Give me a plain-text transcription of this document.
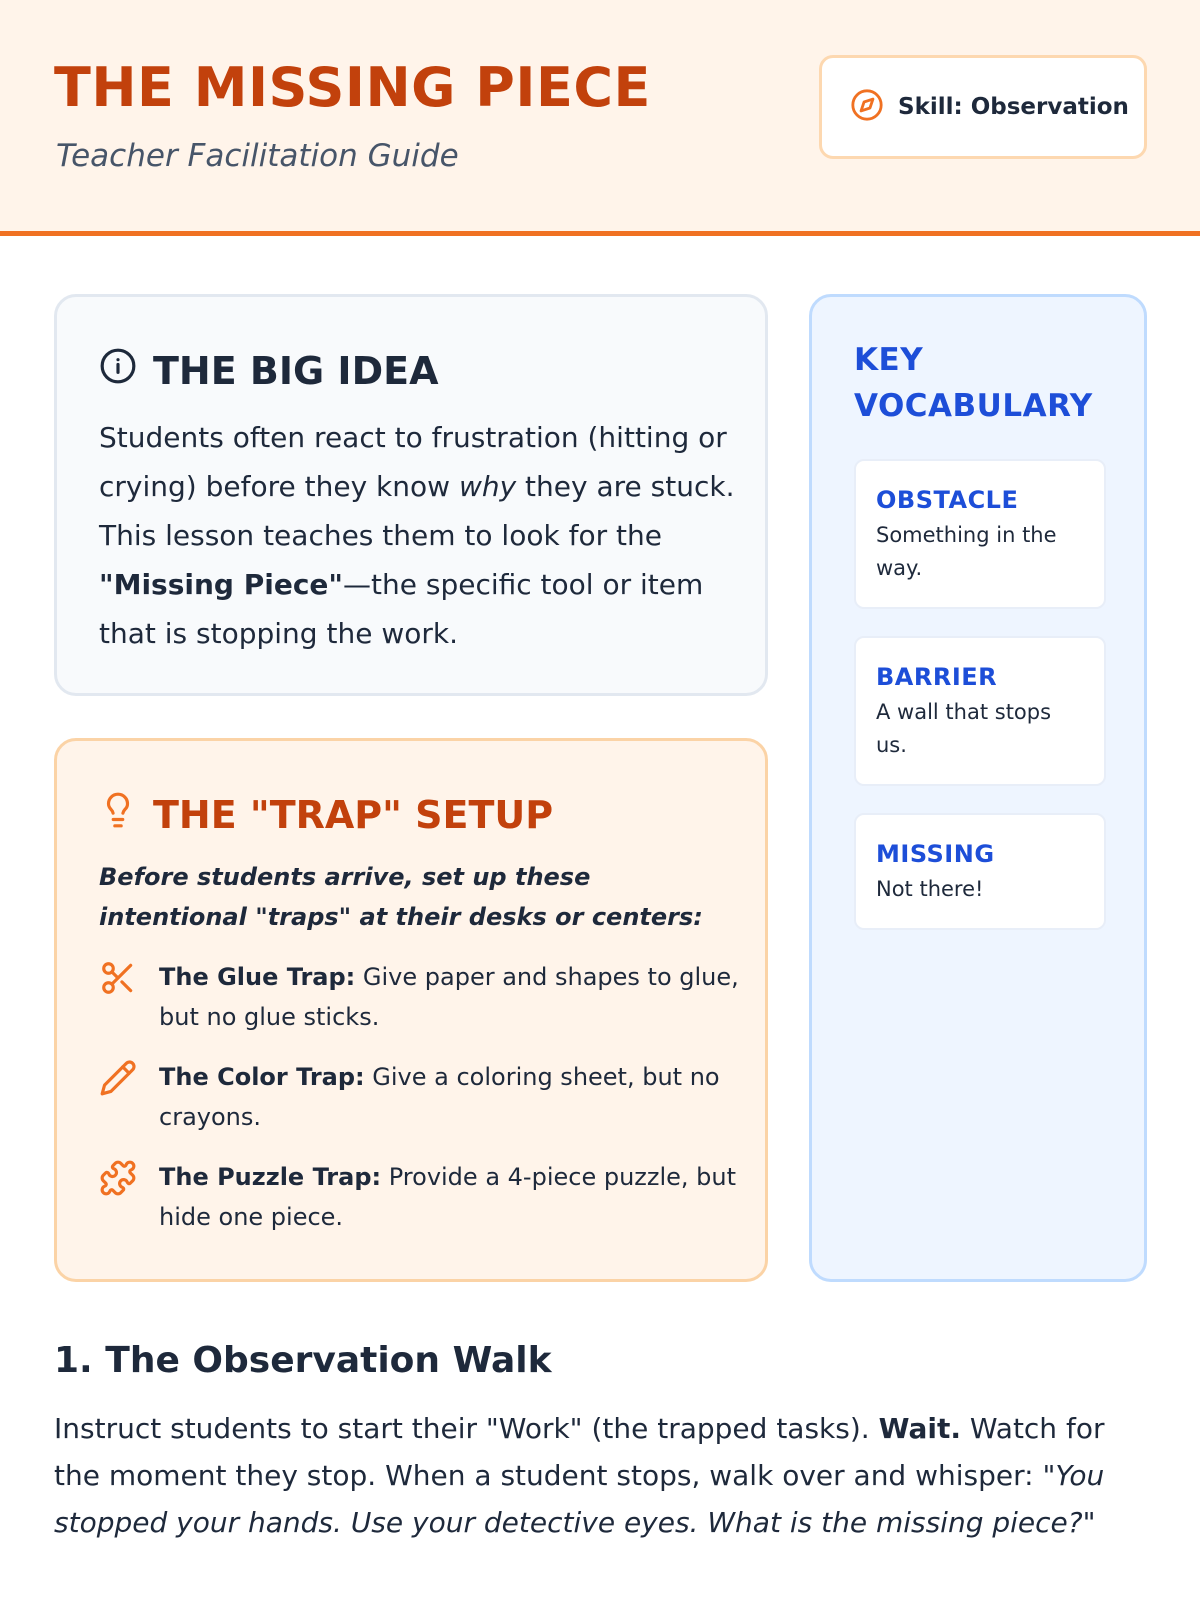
THE MISSING PIECE
Teacher Facilitation Guide
Skill: Observation
THE BIG IDEA

Students often react to frustration (hitting or crying) before they know why they are stuck. This lesson teaches them to look for the "Missing Piece"—the specific tool or item that is stopping the work.

THE "TRAP" SETUP

Before students arrive, set up these intentional "traps" at their desks or centers:

The Glue Trap: Give paper and shapes to glue, but no glue sticks.

The Color Trap: Give a coloring sheet, but no crayons.

The Puzzle Trap: Provide a 4-piece puzzle, but hide one piece.

KEY
VOCABULARY
OBSTACLE
Something in the way.
BARRIER
A wall that stops us.
MISSING
Not there!
1. The Observation Walk

Instruct students to start their "Work" (the trapped tasks). Wait. Watch for the moment they stop. When a student stops, walk over and whisper: "You stopped your hands. Use your detective eyes. What is the missing piece?"
